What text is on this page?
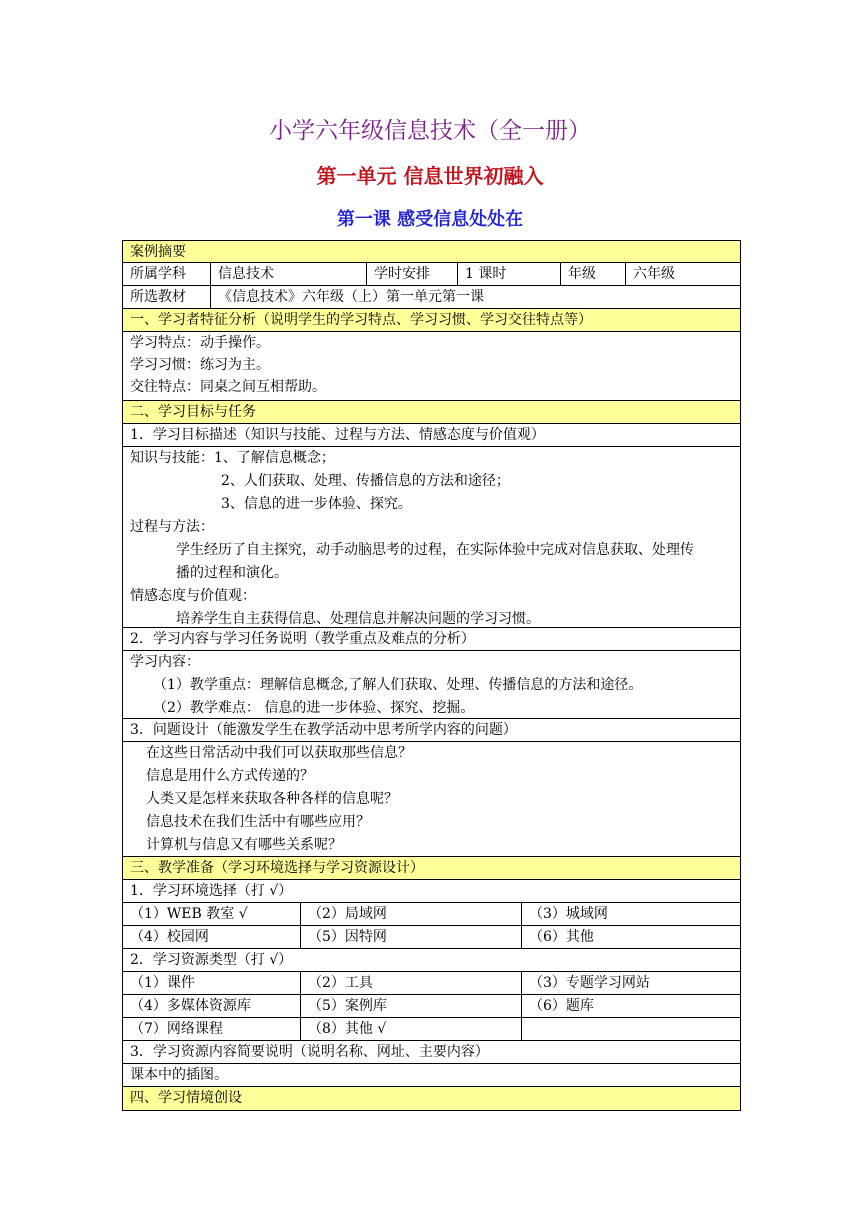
小学六年级信息技术（全一册）
第一单元 信息世界初融入
第一课 感受信息处处在
案例摘要
所属学科	信息技术	学时安排	1 课时	年级	六年级
所选教材	《信息技术》六年级（上）第一单元第一课
一、学习者特征分析（说明学生的学习特点、学习习惯、学习交往特点等）
学习特点：动手操作。
学习习惯：练习为主。
交往特点：同桌之间互相帮助。
二、学习目标与任务
1．学习目标描述（知识与技能、过程与方法、情感态度与价值观）
知识与技能：1、了解信息概念；
2、人们获取、处理、传播信息的方法和途径；
3、信息的进一步体验、探究。
过程与方法：
学生经历了自主探究，动手动脑思考的过程，在实际体验中完成对信息获取、处理传
播的过程和演化。
情感态度与价值观：
培养学生自主获得信息、处理信息并解决问题的学习习惯。
2．学习内容与学习任务说明（教学重点及难点的分析）
学习内容：
（1）教学重点：理解信息概念,了解人们获取、处理、传播信息的方法和途径。
（2）教学难点： 信息的进一步体验、探究、挖掘。
3．问题设计（能激发学生在教学活动中思考所学内容的问题）
在这些日常活动中我们可以获取那些信息？
信息是用什么方式传递的？
人类又是怎样来获取各种各样的信息呢？
信息技术在我们生活中有哪些应用？
计算机与信息又有哪些关系呢？
三、教学准备（学习环境选择与学习资源设计）
1．学习环境选择（打 √）
（1）WEB 教室 √	（2）局域网	（3）城域网
（4）校园网	（5）因特网	（6）其他
2．学习资源类型（打 √）
（1）课件	（2）工具	（3）专题学习网站
（4）多媒体资源库	（5）案例库	（6）题库
（7）网络课程	（8）其他 √
3．学习资源内容简要说明（说明名称、网址、主要内容）
课本中的插图。
四、学习情境创设
